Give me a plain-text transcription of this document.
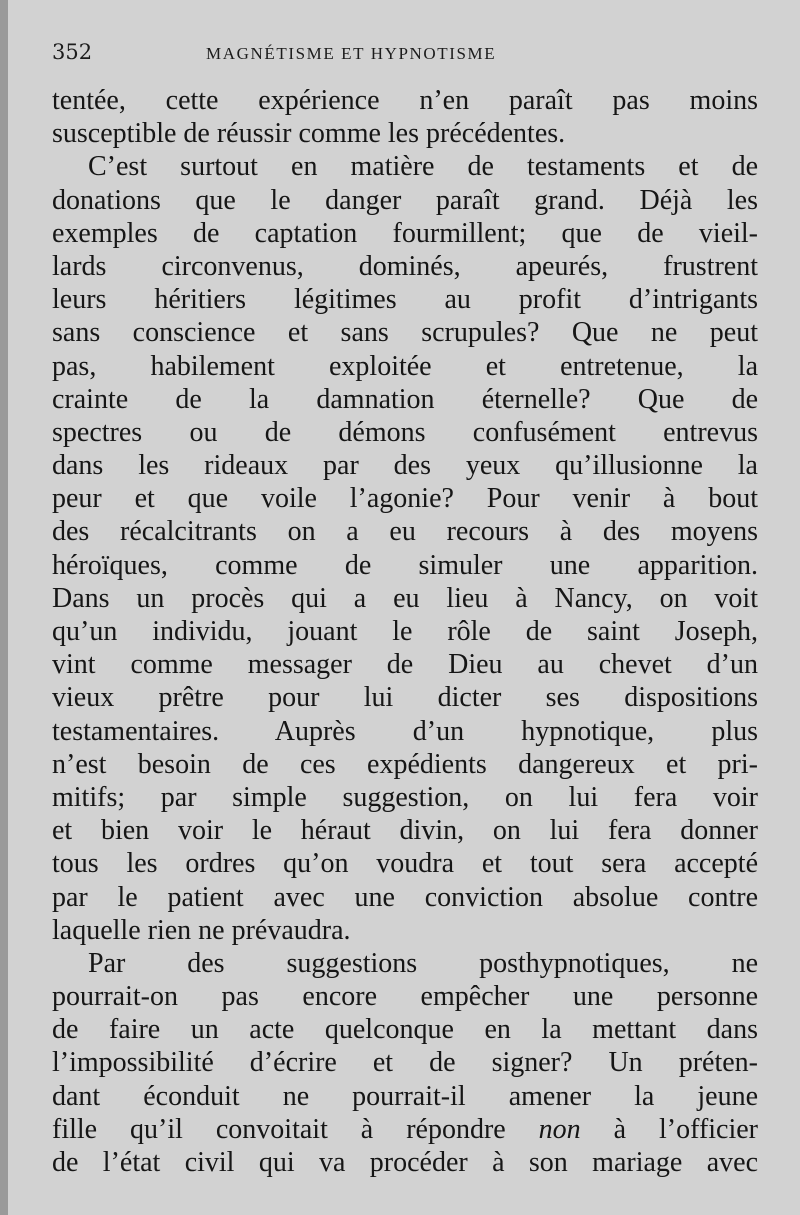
352	MAGNÉTISME ET HYPNOTISME
tentée, cette expérience n’en paraît pas moins
susceptible de réussir comme les précédentes.
C’est surtout en matière de testaments et de
donations que le danger paraît grand. Déjà les
exemples de captation fourmillent; que de vieil-
lards circonvenus, dominés, apeurés, frustrent
leurs héritiers légitimes au profit d’intrigants
sans conscience et sans scrupules? Que ne peut
pas, habilement exploitée et entretenue, la
crainte de la damnation éternelle? Que de
spectres ou de démons confusément entrevus
dans les rideaux par des yeux qu’illusionne la
peur et que voile l’agonie? Pour venir à bout
des récalcitrants on a eu recours à des moyens
héroïques, comme de simuler une apparition.
Dans un procès qui a eu lieu à Nancy, on voit
qu’un individu, jouant le rôle de saint Joseph,
vint comme messager de Dieu au chevet d’un
vieux prêtre pour lui dicter ses dispositions
testamentaires. Auprès d’un hypnotique, plus
n’est besoin de ces expédients dangereux et pri-
mitifs; par simple suggestion, on lui fera voir
et bien voir le héraut divin, on lui fera donner
tous les ordres qu’on voudra et tout sera accepté
par le patient avec une conviction absolue contre
laquelle rien ne prévaudra.
Par des suggestions posthypnotiques, ne
pourrait-on pas encore empêcher une personne
de faire un acte quelconque en la mettant dans
l’impossibilité d’écrire et de signer? Un préten-
dant éconduit ne pourrait-il amener la jeune
fille qu’il convoitait à répondre non à l’officier
de l’état civil qui va procéder à son mariage avec
